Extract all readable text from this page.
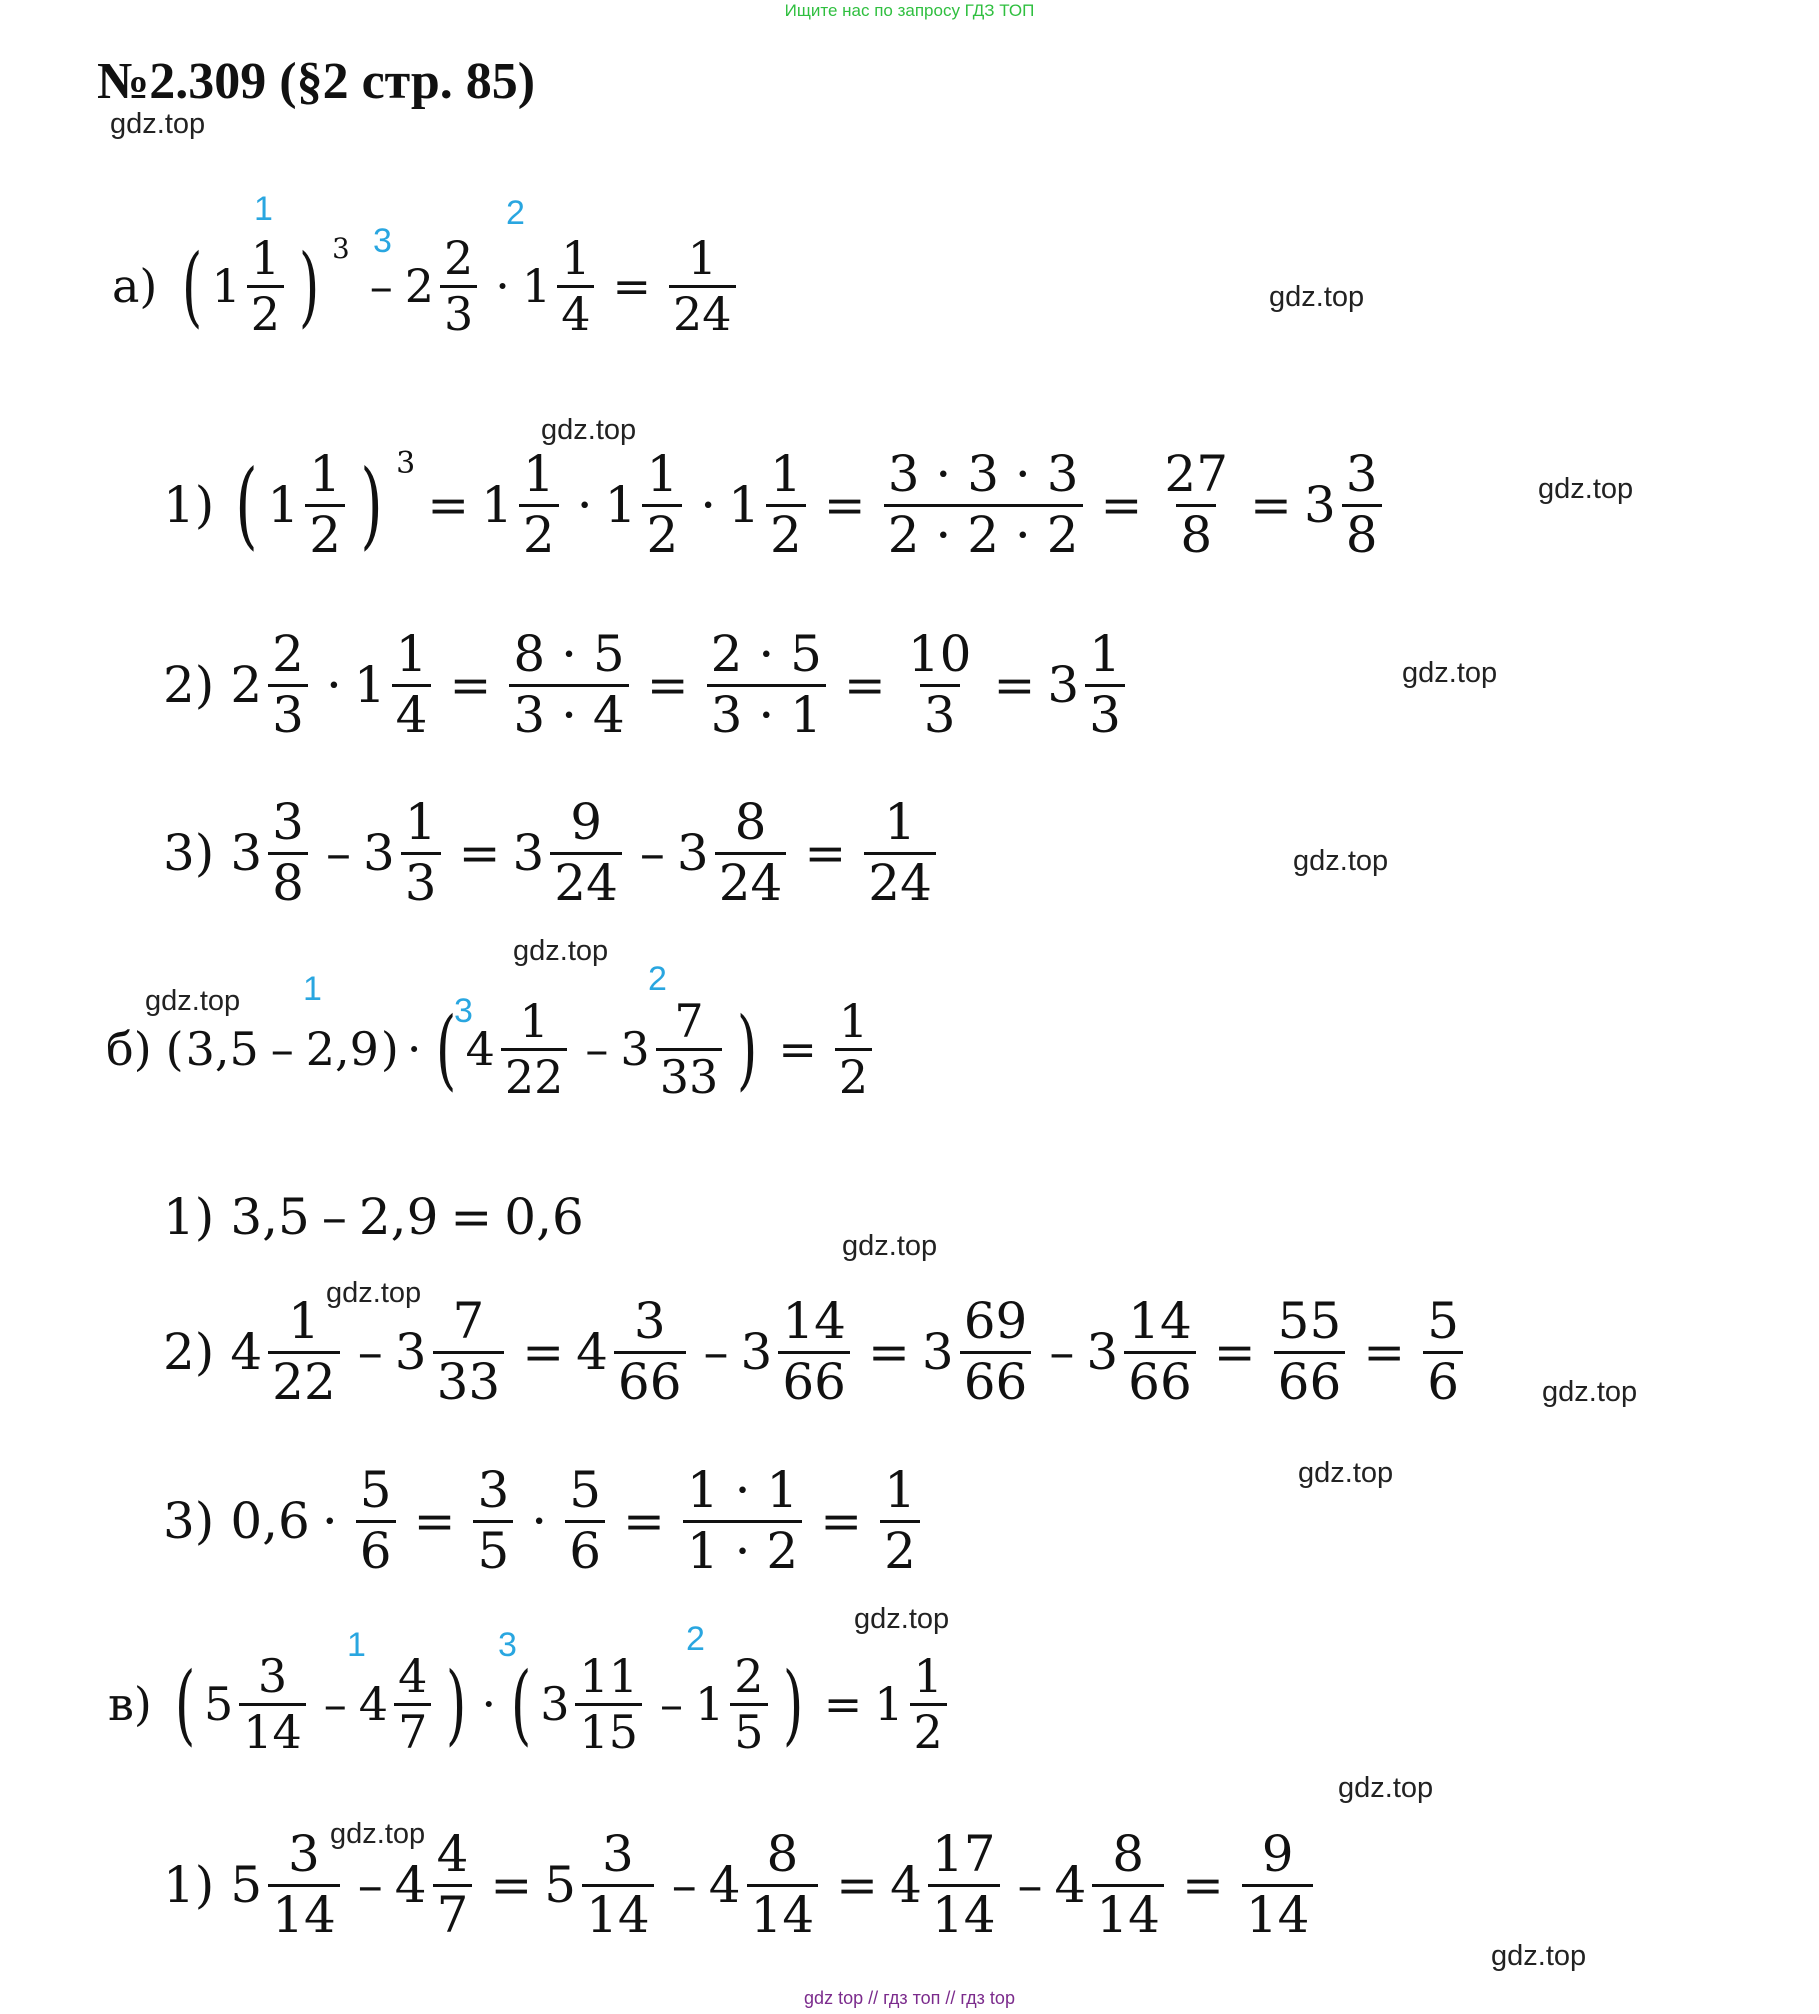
Ищите нас по запросу ГДЗ ТОП
№2.309 (§2 стр. 85)
gdz.top
gdz.top
gdz.top
gdz.top
gdz.top
gdz.top
gdz.top
gdz.top
gdz.top
gdz.top
gdz.top
gdz.top
gdz.top
gdz.top
gdz.top
gdz.top
1
3
2
1
3
2
1	3	2
а) ( $1 \frac{1}{2}$ ) 3
– $2 \frac{2}{3} \cdot 1 \frac{1}{4} = \frac{1}{24}$
1) ( $1 \frac{1}{2}$ ) 3
= $1 \frac{1}{2} \cdot 1 \frac{1}{2} \cdot 1 \frac{1}{2} = \frac{3 \cdot 3 \cdot 3}{2 \cdot 2 \cdot 2} = \frac{27}{8} = 3 \frac{3}{8}$
2) $2 \frac{2}{3} \cdot 1 \frac{1}{4} = \frac{8 \cdot 5}{3 \cdot 4} = \frac{2 \cdot 5}{3 \cdot 1} = \frac{10}{3} = 3 \frac{1}{3}$
3) $3 \frac{3}{8} - 3 \frac{1}{3} = 3 \frac{9}{24} - 3 \frac{8}{24} = \frac{1}{24}$
б) ( 3,5 – 2,9 ) · ( $4 \frac{1}{22} - 3 \frac{7}{33}$ ) = $\frac{1}{2}$
1) 3,5 – 2,9 = 0,6
2) $4 \frac{1}{22} - 3 \frac{7}{33} = 4 \frac{3}{66} - 3 \frac{14}{66} = 3 \frac{69}{66} - 3 \frac{14}{66} = \frac{55}{66} = \frac{5}{6}$
3) $0,6 \cdot \frac{5}{6} = \frac{3}{5} \cdot \frac{5}{6} = \frac{1 \cdot 1}{1 \cdot 2} = \frac{1}{2}$
в) ( $5 \frac{3}{14} - 4 \frac{4}{7}$ ) · ( $3 \frac{11}{15} - 1 \frac{2}{5}$ ) = $1 \frac{1}{2}$
1) $5 \frac{3}{14} - 4 \frac{4}{7} = 5 \frac{3}{14} - 4 \frac{8}{14} = 4 \frac{17}{14} - 4 \frac{8}{14} = \frac{9}{14}$
gdz top // гдз топ // гдз top
